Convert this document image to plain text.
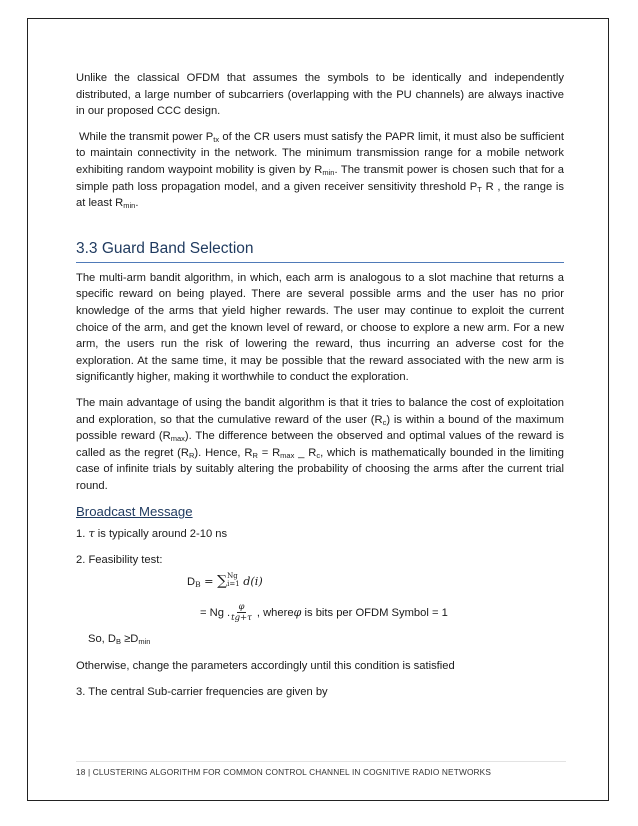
Unlike the classical OFDM that assumes the symbols to be identically and independently distributed, a large number of subcarriers (overlapping with the PU channels) are always inactive in our proposed CCC design.

While the transmit power $P_{tx}$ of the CR users must satisfy the PAPR limit, it must also be sufficient to maintain connectivity in the network. The minimum transmission range for a mobile network exhibiting random waypoint mobility is given by $R_{min}$. The transmit power is chosen such that for a simple path loss propagation model, and a given receiver sensitivity threshold $P_T$ R , the range is at least $R_{min}$.

3.3 Guard Band Selection

The multi-arm bandit algorithm, in which, each arm is analogous to a slot machine that returns a specific reward on being played. There are several possible arms and the user has no prior knowledge of the arms that yield higher rewards. The user may continue to exploit the current choice of the arm, and get the known level of reward, or choose to explore a new arm. For a new arm, the users run the risk of lowering the reward, thus incurring an adverse cost for the exploration. At the same time, it may be possible that the reward associated with the new arm is significantly higher, making it worthwhile to conduct the exploration.

The main advantage of using the bandit algorithm is that it tries to balance the cost of exploitation and exploration, so that the cumulative reward of the user $(R_c)$ is within a bound of the maximum possible reward $(R_{max})$. The difference between the observed and optimal values of the reward is called as the regret $(R_R)$. Hence, $R_R = R_{max}$ _ $R_c$, which is mathematically bounded in the limiting case of infinite trials by suitably altering the probability of choosing the arms after the current trial round.

Broadcast Message

1. τ is typically around 2-10 ns

2. Feasibility test:

$D_B = \sum Ng$
i=1 d(i)
= Ng . $\frac{\varphi}{tg+\tau}$ , where φ
is bits per OFDM Symbol = 1

So, $D_B \ge D_{min}$

Otherwise, change the parameters accordingly until this condition is satisfied

3. The central Sub-carrier frequencies are given by

18 | CLUSTERING ALGORITHM FOR COMMON CONTROL CHANNEL IN COGNITIVE RADIO NETWORKS
